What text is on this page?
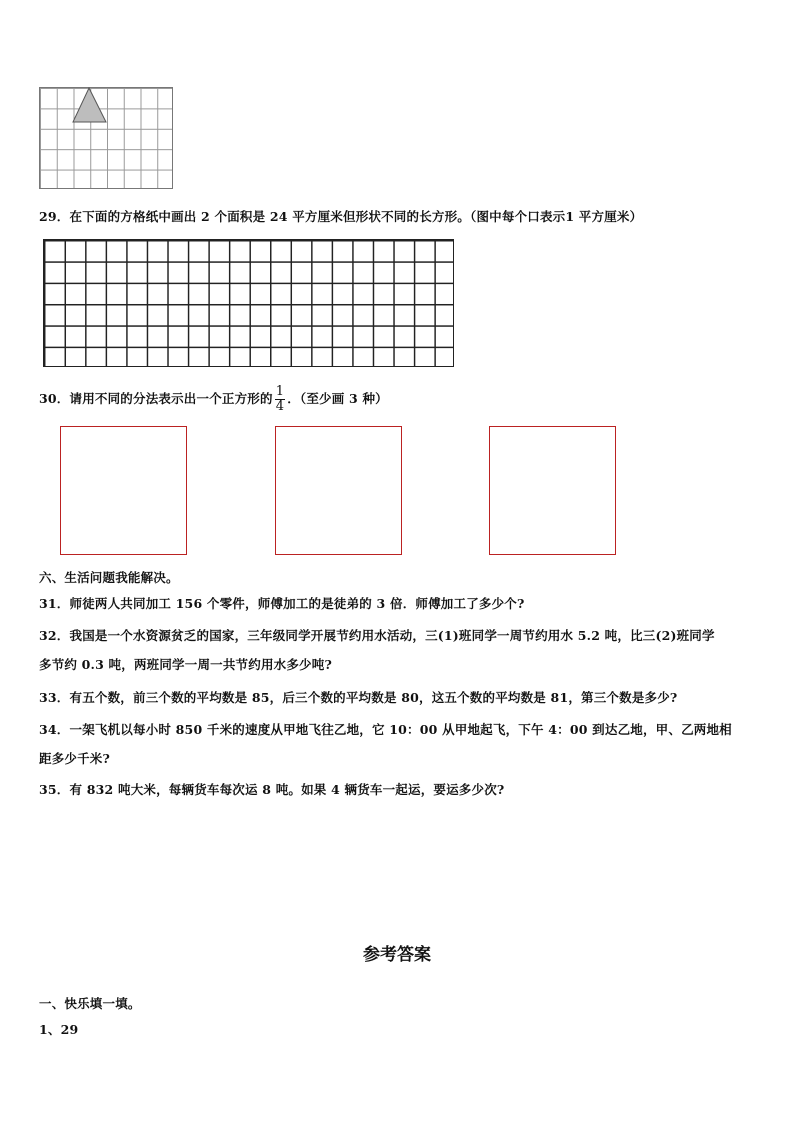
29．在下面的方格纸中画出 2 个面积是 24 平方厘米但形状不同的长方形。（图中每个口表示1 平方厘米）
30．请用不同的分法表示出一个正方形的 $\frac{1}{4}$ ．（至少画 3 种）
六、生活问题我能解决。
31．师徒两人共同加工 156 个零件，师傅加工的是徒弟的 3 倍．师傅加工了多少个?
32．我国是一个水资源贫乏的国家，三年级同学开展节约用水活动，三(1)班同学一周节约用水 5.2 吨，比三(2)班同学
多节约 0.3 吨，两班同学一周一共节约用水多少吨?
33．有五个数，前三个数的平均数是 85，后三个数的平均数是 80，这五个数的平均数是 81，第三个数是多少?
34．一架飞机以每小时 850 千米的速度从甲地飞往乙地，它 10：00 从甲地起飞，下午 4：00 到达乙地，甲、乙两地相
距多少千米?
35．有 832 吨大米，每辆货车每次运 8 吨。如果 4 辆货车一起运，要运多少次?
参考答案
一、快乐填一填。
1、29
